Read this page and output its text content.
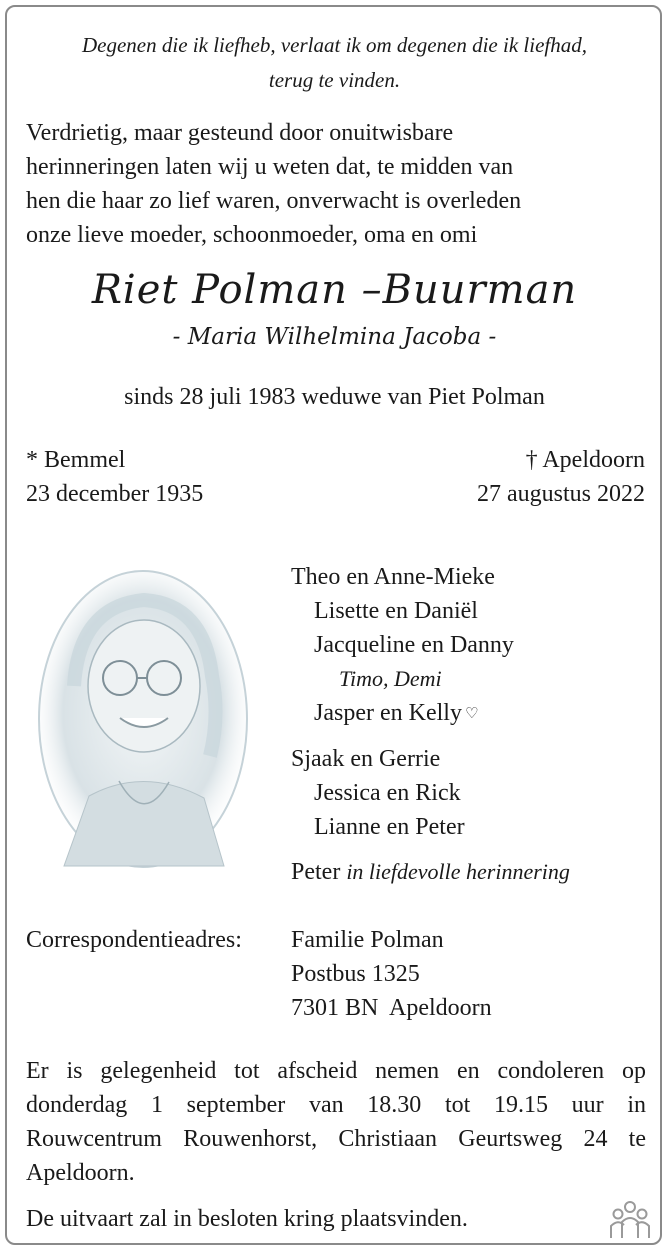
Degenen die ik liefheb, verlaat ik om degenen die ik liefhad,
terug te vinden.
Verdrietig, maar gesteund door onuitwisbare
herinneringen laten wij u weten dat, te midden van
hen die haar zo lief waren, onverwacht is overleden
onze lieve moeder, schoonmoeder, oma en omi
Riet Polman –Buurman
- Maria Wilhelmina Jacoba -
sinds 28 juli 1983 weduwe van Piet Polman
* Bemmel
23 december 1935
† Apeldoorn
27 augustus 2022

Theo en Anne-Mieke

Lisette en Daniël

Jacqueline en Danny

Timo, Demi

Jasper en Kelly ♡

Sjaak en Gerrie

Jessica en Rick

Lianne en Peter

Peter in liefdevolle herinnering

Correspondentieadres: Familie Polman

Postbus 1325

7301 BN  Apeldoorn

Er is gelegenheid tot afscheid nemen en condoleren op donderdag 1 september van 18.30 tot 19.15 uur in Rouwcentrum Rouwenhorst, Christiaan Geurtsweg 24 te Apeldoorn.
De uitvaart zal in besloten kring plaatsvinden.
